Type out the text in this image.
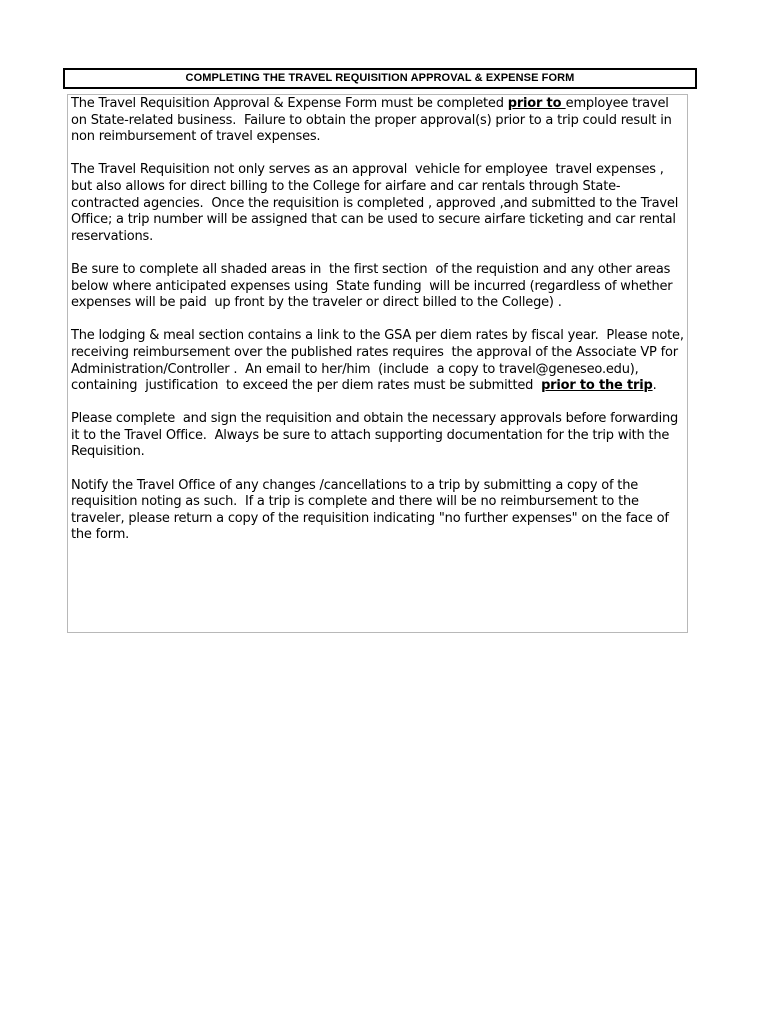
COMPLETING THE TRAVEL REQUISITION APPROVAL & EXPENSE FORM

The Travel Requisition Approval & Expense Form must be completed prior to employee travel on State-related business.  Failure to obtain the proper approval(s) prior to a trip could result in non reimbursement of travel expenses.

The Travel Requisition not only serves as an approval  vehicle for employee  travel expenses , but also allows for direct billing to the College for airfare and car rentals through State-contracted agencies.  Once the requisition is completed , approved ,and submitted to the Travel Office; a trip number will be assigned that can be used to secure airfare ticketing and car rental reservations.

Be sure to complete all shaded areas in  the first section  of the requistion and any other areas below where anticipated expenses using  State funding  will be incurred (regardless of whether expenses will be paid  up front by the traveler or direct billed to the College) .

The lodging & meal section contains a link to the GSA per diem rates by fiscal year.  Please note, receiving reimbursement over the published rates requires  the approval of the Associate VP for Administration/Controller .  An email to her/him  (include  a copy to travel@geneseo.edu), containing  justification  to exceed the per diem rates must be submitted  prior to the trip.

Please complete  and sign the requisition and obtain the necessary approvals before forwarding  it to the Travel Office.  Always be sure to attach supporting documentation for the trip with the  Requisition.

Notify the Travel Office of any changes /cancellations to a trip by submitting a copy of the requisition noting as such.  If a trip is complete and there will be no reimbursement to the traveler, please return a copy of the requisition indicating "no further expenses" on the face of the form.
